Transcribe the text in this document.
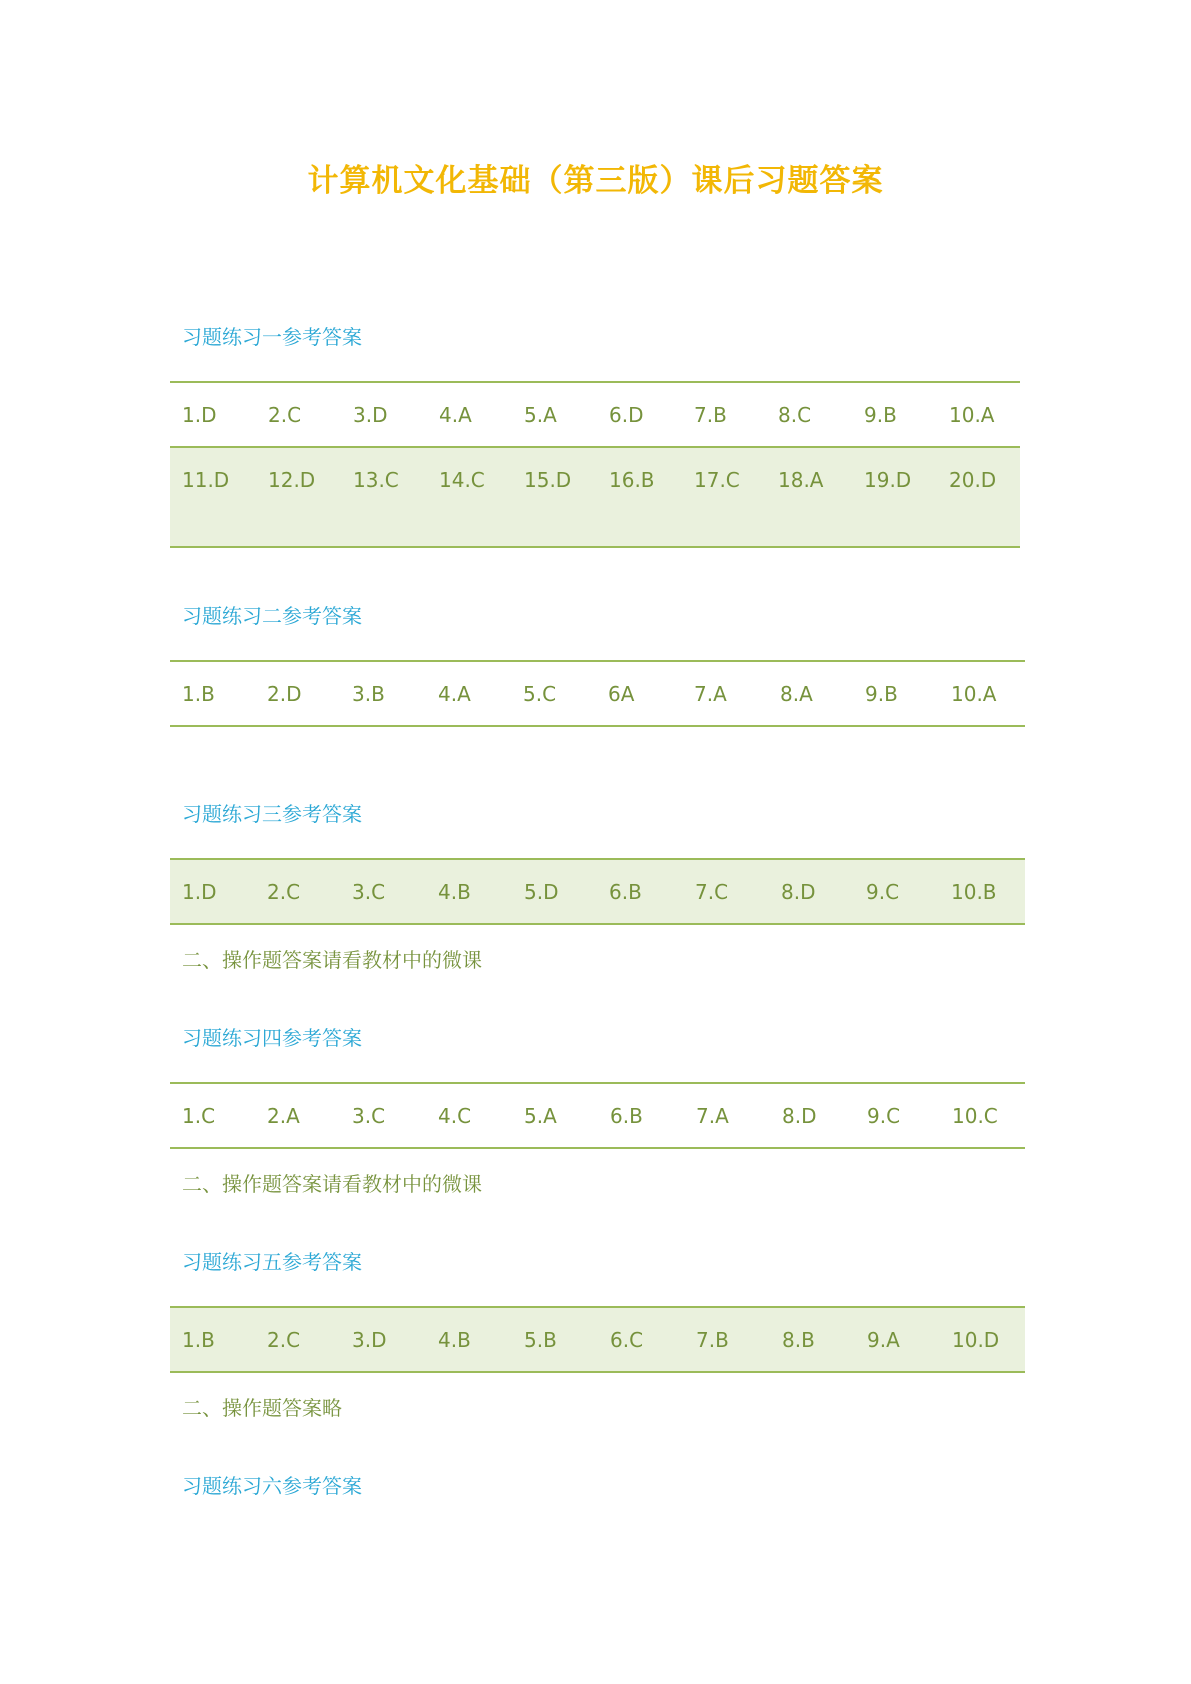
计算机文化基础（第三版）课后习题答案
习题练习一参考答案
1.D	2.C	3.D	4.A	5.A	6.D	7.B	8.C	9.B	10.A
11.D	12.D	13.C	14.C	15.D	16.B	17.C	18.A	19.D	20.D
习题练习二参考答案
1.B	2.D	3.B	4.A	5.C	6A	7.A	8.A	9.B	10.A
习题练习三参考答案
1.D	2.C	3.C	4.B	5.D	6.B	7.C	8.D	9.C	10.B
二、操作题答案请看教材中的微课
习题练习四参考答案
1.C	2.A	3.C	4.C	5.A	6.B	7.A	8.D	9.C	10.C
二、操作题答案请看教材中的微课
习题练习五参考答案
1.B	2.C	3.D	4.B	5.B	6.C	7.B	8.B	9.A	10.D
二、操作题答案略
习题练习六参考答案
